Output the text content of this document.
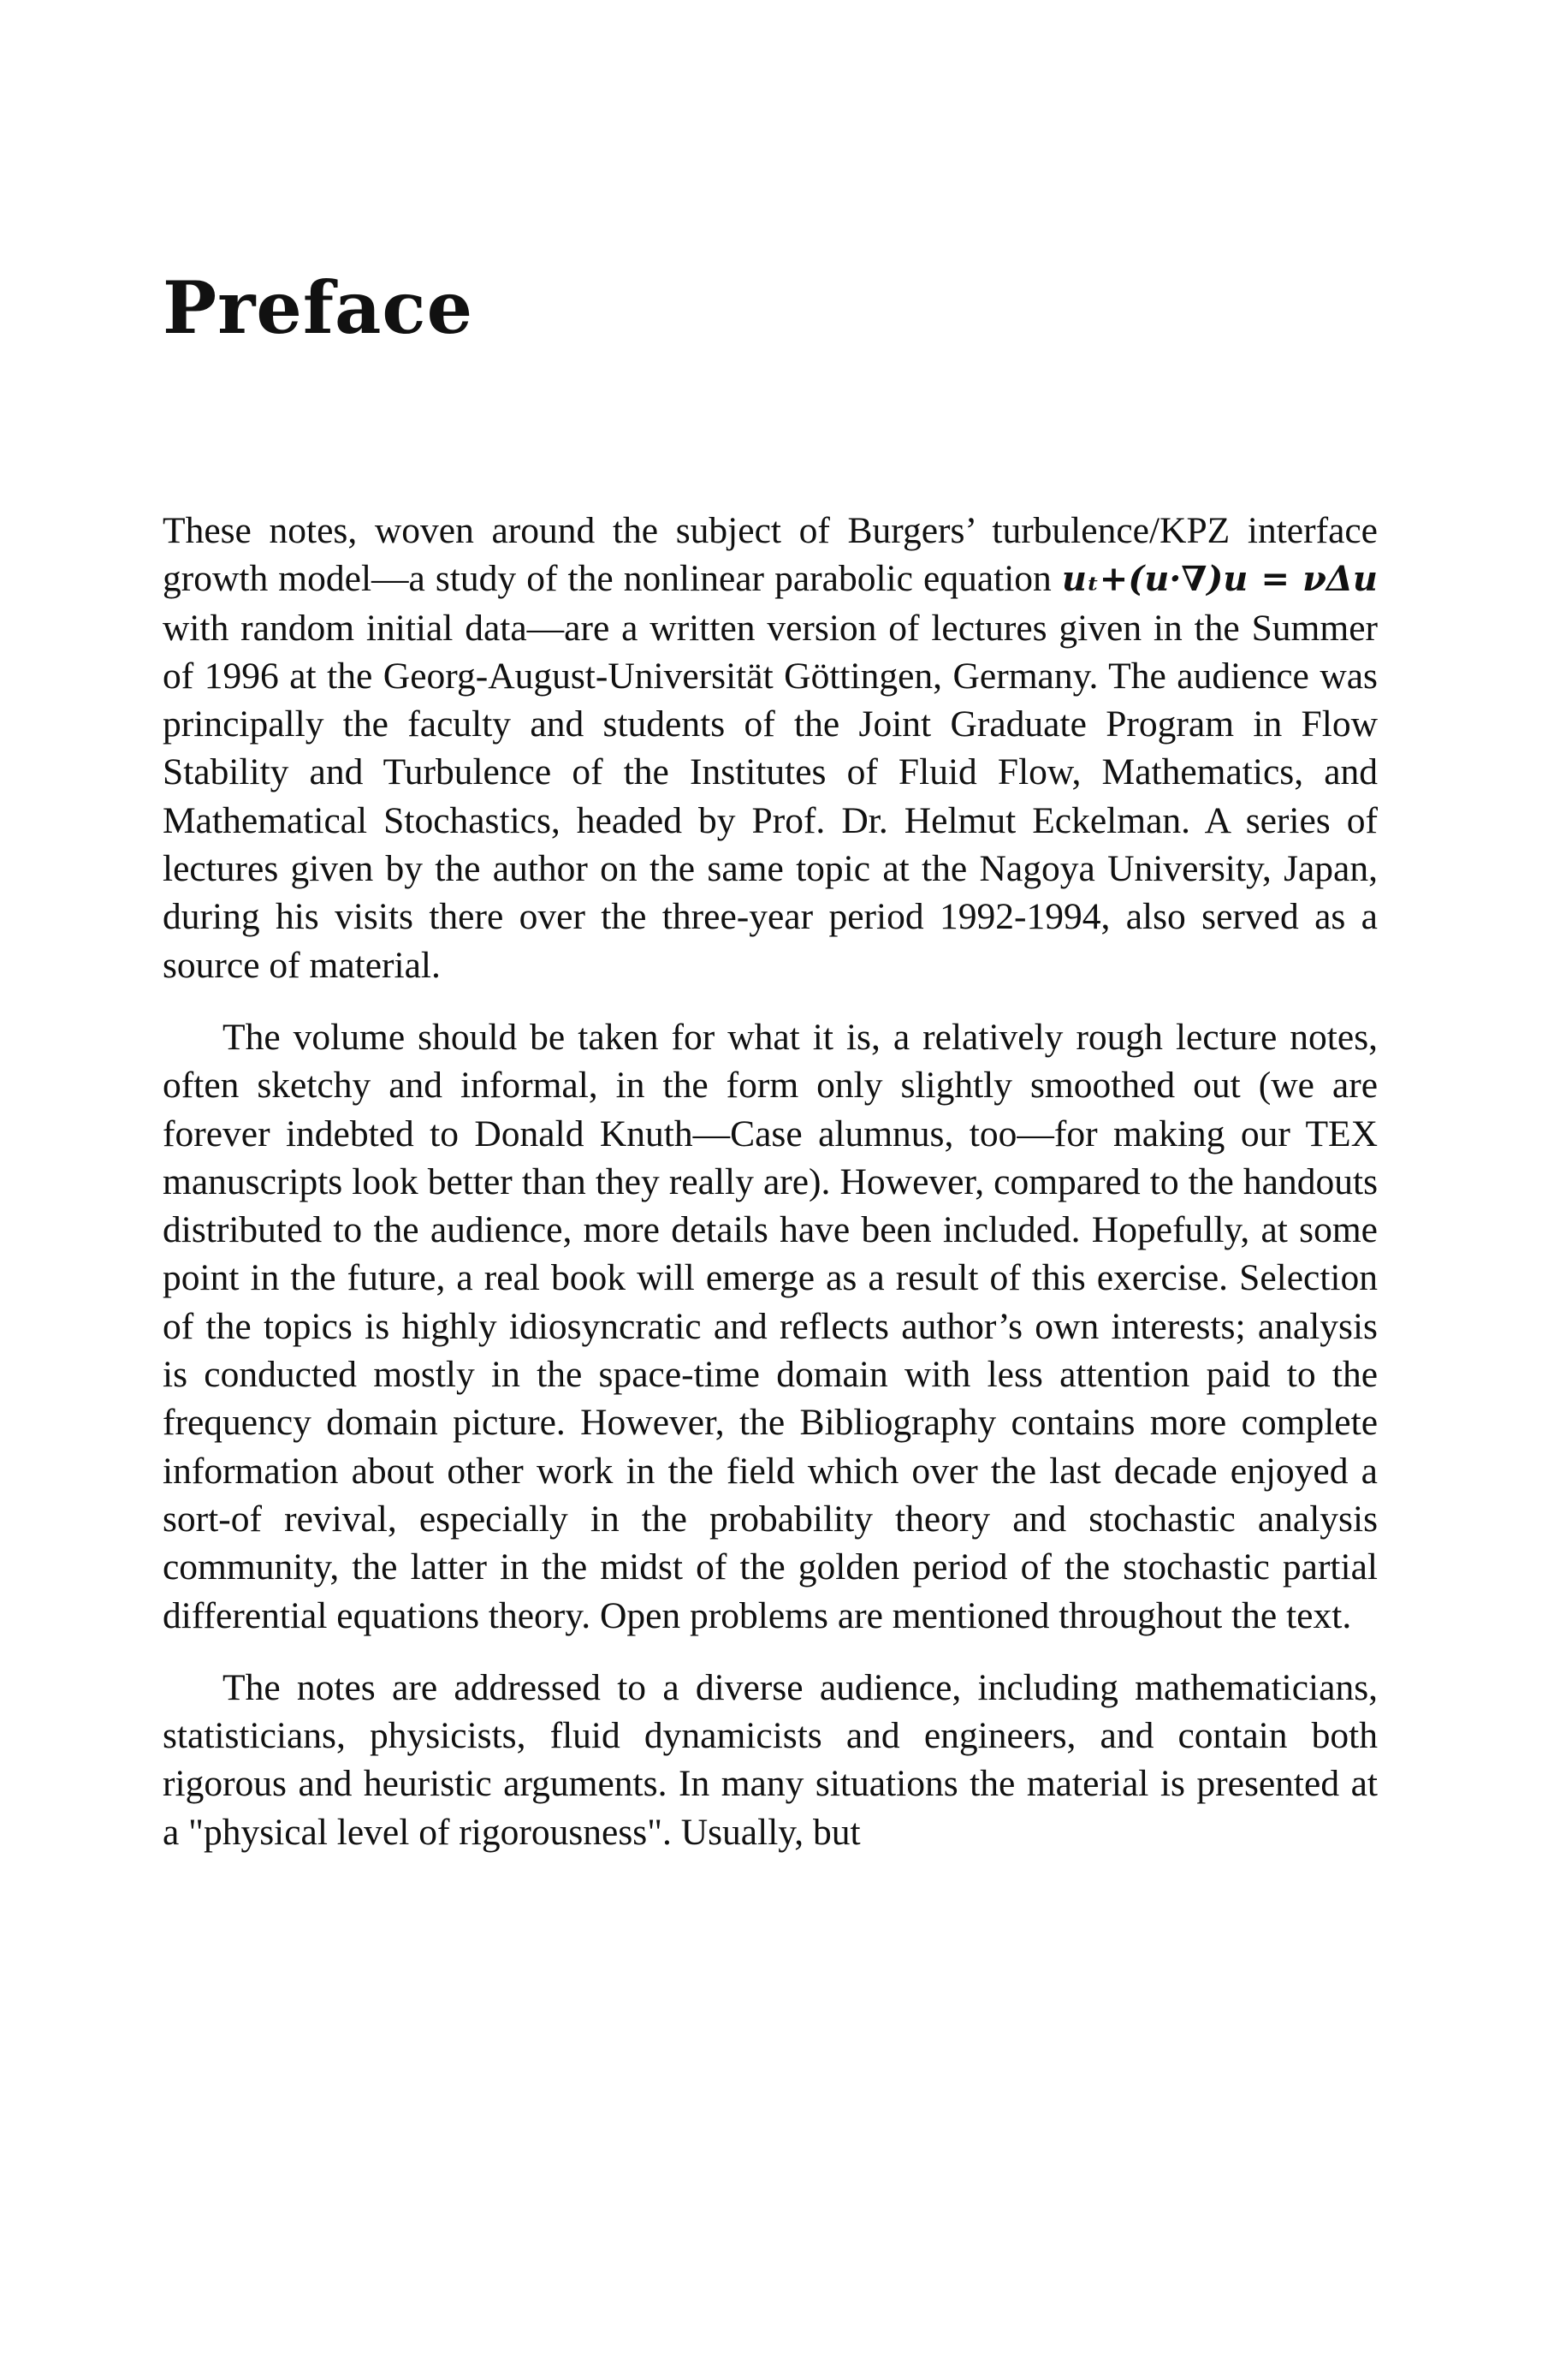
Preface

These notes, woven around the subject of Burgers’ turbulence/KPZ interface growth model—a study of the nonlinear parabolic equation uₜ+(u·∇)u = νΔu with random initial data—are a written version of lectures given in the Summer of 1996 at the Georg-August-Universität Göttingen, Germany. The audience was principally the faculty and students of the Joint Graduate Program in Flow Stability and Turbulence of the Institutes of Fluid Flow, Mathematics, and Mathematical Stochastics, headed by Prof. Dr. Helmut Eckelman. A series of lectures given by the author on the same topic at the Nagoya University, Japan, during his visits there over the three-year period 1992-1994, also served as a source of material.

The volume should be taken for what it is, a relatively rough lecture notes, often sketchy and informal, in the form only slightly smoothed out (we are forever indebted to Donald Knuth—Case alumnus, too—for making our TEX manuscripts look better than they really are). However, compared to the handouts distributed to the audience, more details have been included. Hopefully, at some point in the future, a real book will emerge as a result of this exercise. Selection of the topics is highly idiosyncratic and reflects author’s own interests; analysis is conducted mostly in the space-time domain with less attention paid to the frequency domain picture. However, the Bibliography contains more complete information about other work in the field which over the last decade enjoyed a sort-of revival, especially in the probability theory and stochastic analysis community, the latter in the midst of the golden period of the stochastic partial differential equations theory. Open problems are mentioned throughout the text.

The notes are addressed to a diverse audience, including mathematicians, statisticians, physicists, fluid dynamicists and engineers, and contain both rigorous and heuristic arguments. In many situations the material is presented at a "physical level of rigorousness". Usually, but
